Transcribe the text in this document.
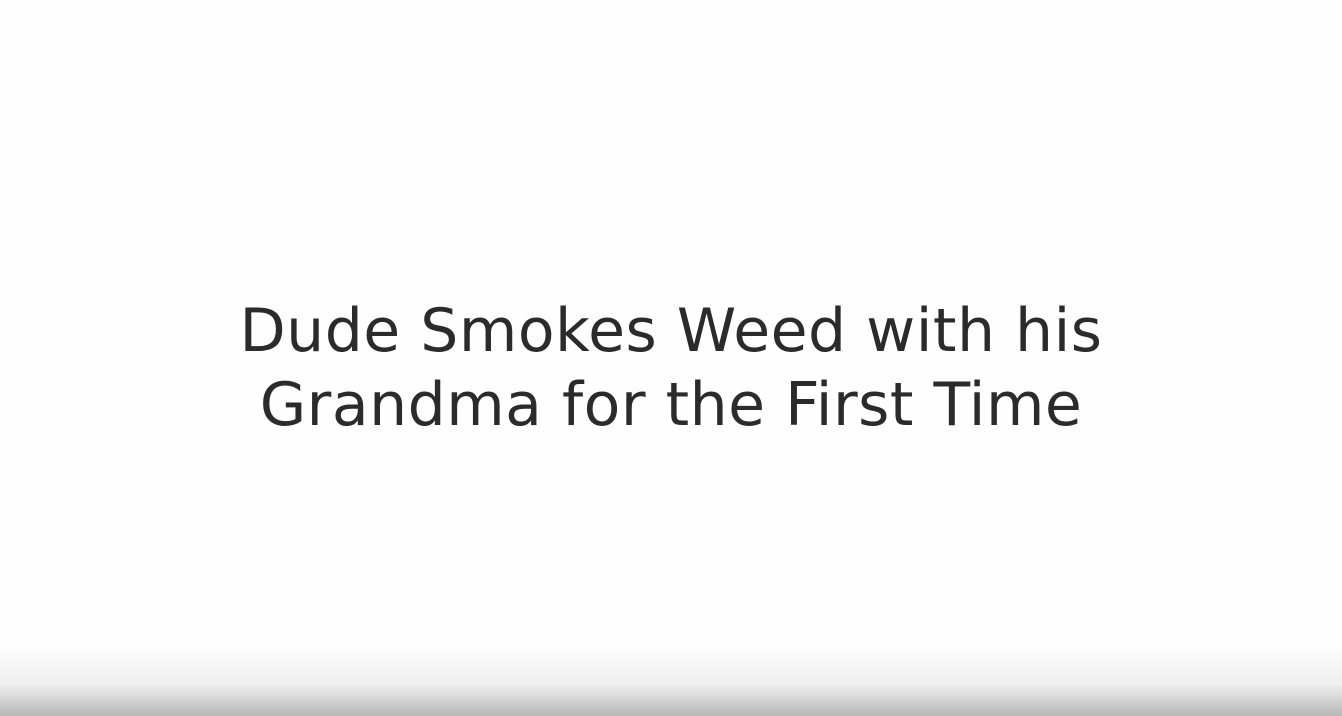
Dude Smokes Weed with his
Grandma for the First Time
